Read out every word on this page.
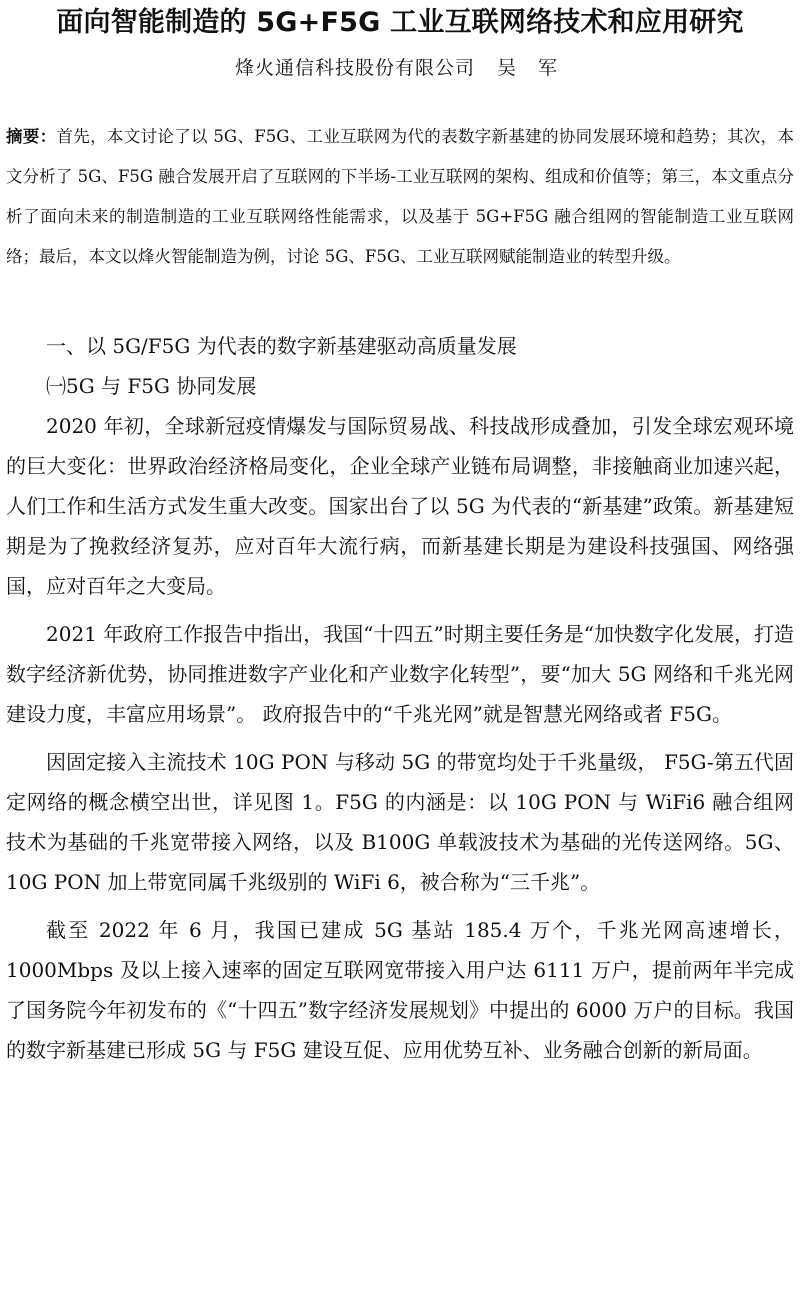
面向智能制造的 5G+F5G 工业互联网络技术和应用研究
烽火通信科技股份有限公司 吴 军

摘要：首先，本文讨论了以 5G、F5G、工业互联网为代的表数字新基建的协同发展环境和趋势；其次，本文分析了 5G、F5G 融合发展开启了互联网的下半场-工业互联网的架构、组成和价值等；第三，本文重点分析了面向未来的制造制造的工业互联网络性能需求，以及基于 5G+F5G 融合组网的智能制造工业互联网络；最后，本文以烽火智能制造为例，讨论 5G、F5G、工业互联网赋能制造业的转型升级。

一、以 5G/F5G 为代表的数字新基建驱动高质量发展
㈠5G 与 F5G 协同发展

2020 年初，全球新冠疫情爆发与国际贸易战、科技战形成叠加，引发全球宏观环境的巨大变化：世界政治经济格局变化，企业全球产业链布局调整，非接触商业加速兴起，人们工作和生活方式发生重大改变。国家出台了以 5G 为代表的“新基建”政策。新基建短期是为了挽救经济复苏，应对百年大流行病，而新基建长期是为建设科技强国、网络强国，应对百年之大变局。

2021 年政府工作报告中指出，我国“十四五”时期主要任务是“加快数字化发展，打造数字经济新优势，协同推进数字产业化和产业数字化转型”，要“加大 5G 网络和千兆光网建设力度，丰富应用场景”。 政府报告中的“千兆光网”就是智慧光网络或者 F5G。

因固定接入主流技术 10G PON 与移动 5G 的带宽均处于千兆量级， F5G-第五代固定网络的概念横空出世，详见图 1。F5G 的内涵是：以 10G PON 与 WiFi6 融合组网技术为基础的千兆宽带接入网络，以及 B100G 单载波技术为基础的光传送网络。5G、10G PON 加上带宽同属千兆级别的 WiFi 6，被合称为“三千兆”。

截至 2022 年 6 月，我国已建成 5G 基站 185.4 万个，千兆光网高速增长，1000Mbps 及以上接入速率的固定互联网宽带接入用户达 6111 万户，提前两年半完成了国务院今年初发布的《“十四五”数字经济发展规划》中提出的 6000 万户的目标。我国的数字新基建已形成 5G 与 F5G 建设互促、应用优势互补、业务融合创新的新局面。
